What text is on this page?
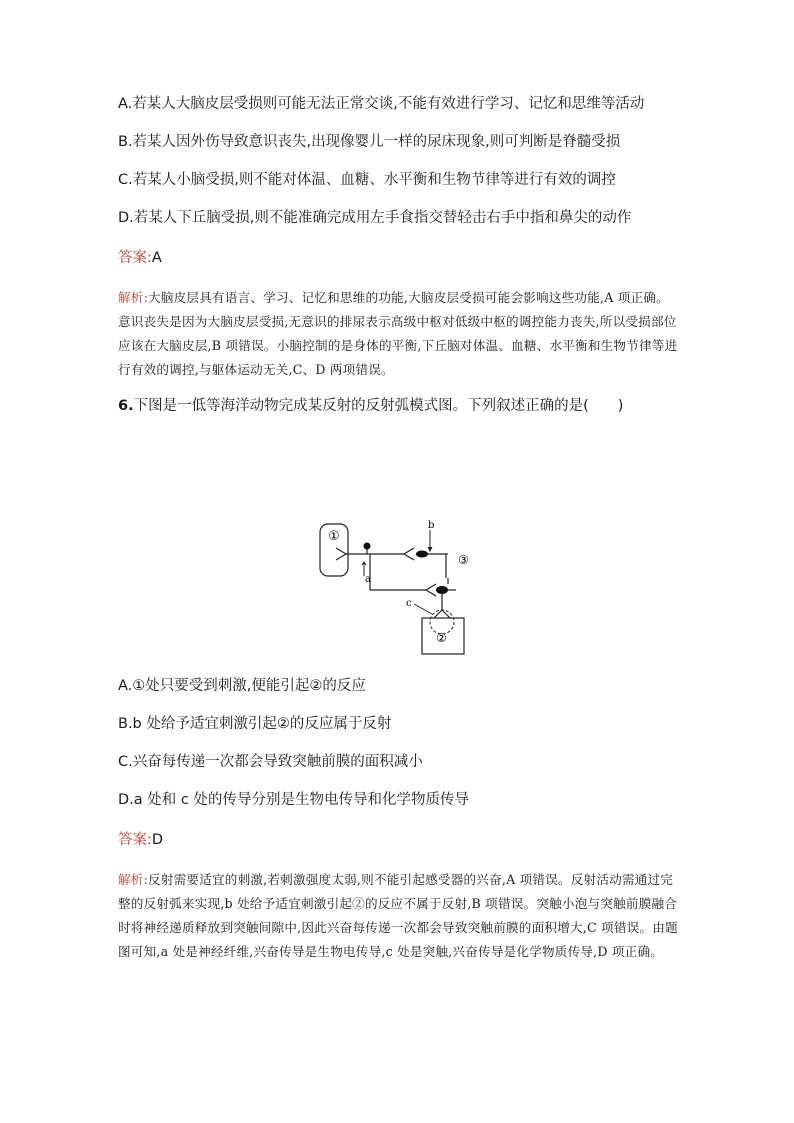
A.若某人大脑皮层受损则可能无法正常交谈,不能有效进行学习、记忆和思维等活动

B.若某人因外伤导致意识丧失,出现像婴儿一样的尿床现象,则可判断是脊髓受损

C.若某人小脑受损,则不能对体温、血糖、水平衡和生物节律等进行有效的调控

D.若某人下丘脑受损,则不能准确完成用左手食指交替轻击右手中指和鼻尖的动作

答案:A

解析:大脑皮层具有语言、学习、记忆和思维的功能,大脑皮层受损可能会影响这些功能,A 项正确。意识丧失是因为大脑皮层受损,无意识的排尿表示高级中枢对低级中枢的调控能力丧失,所以受损部位应该在大脑皮层,B 项错误。小脑控制的是身体的平衡,下丘脑对体温、血糖、水平衡和生物节律等进行有效的调控,与躯体运动无关,C、D 两项错误。

6.下图是一低等海洋动物完成某反射的反射弧模式图。下列叙述正确的是(　　)

①
a
b
③
②
c

A.①处只要受到刺激,便能引起②的反应

B.b 处给予适宜刺激引起②的反应属于反射

C.兴奋每传递一次都会导致突触前膜的面积减小

D.a 处和 c 处的传导分别是生物电传导和化学物质传导

答案:D

解析:反射需要适宜的刺激,若刺激强度太弱,则不能引起感受器的兴奋,A 项错误。反射活动需通过完整的反射弧来实现,b 处给予适宜刺激引起②的反应不属于反射,B 项错误。突触小泡与突触前膜融合时将神经递质释放到突触间隙中,因此兴奋每传递一次都会导致突触前膜的面积增大,C 项错误。由题图可知,a 处是神经纤维,兴奋传导是生物电传导,c 处是突触,兴奋传导是化学物质传导,D 项正确。
